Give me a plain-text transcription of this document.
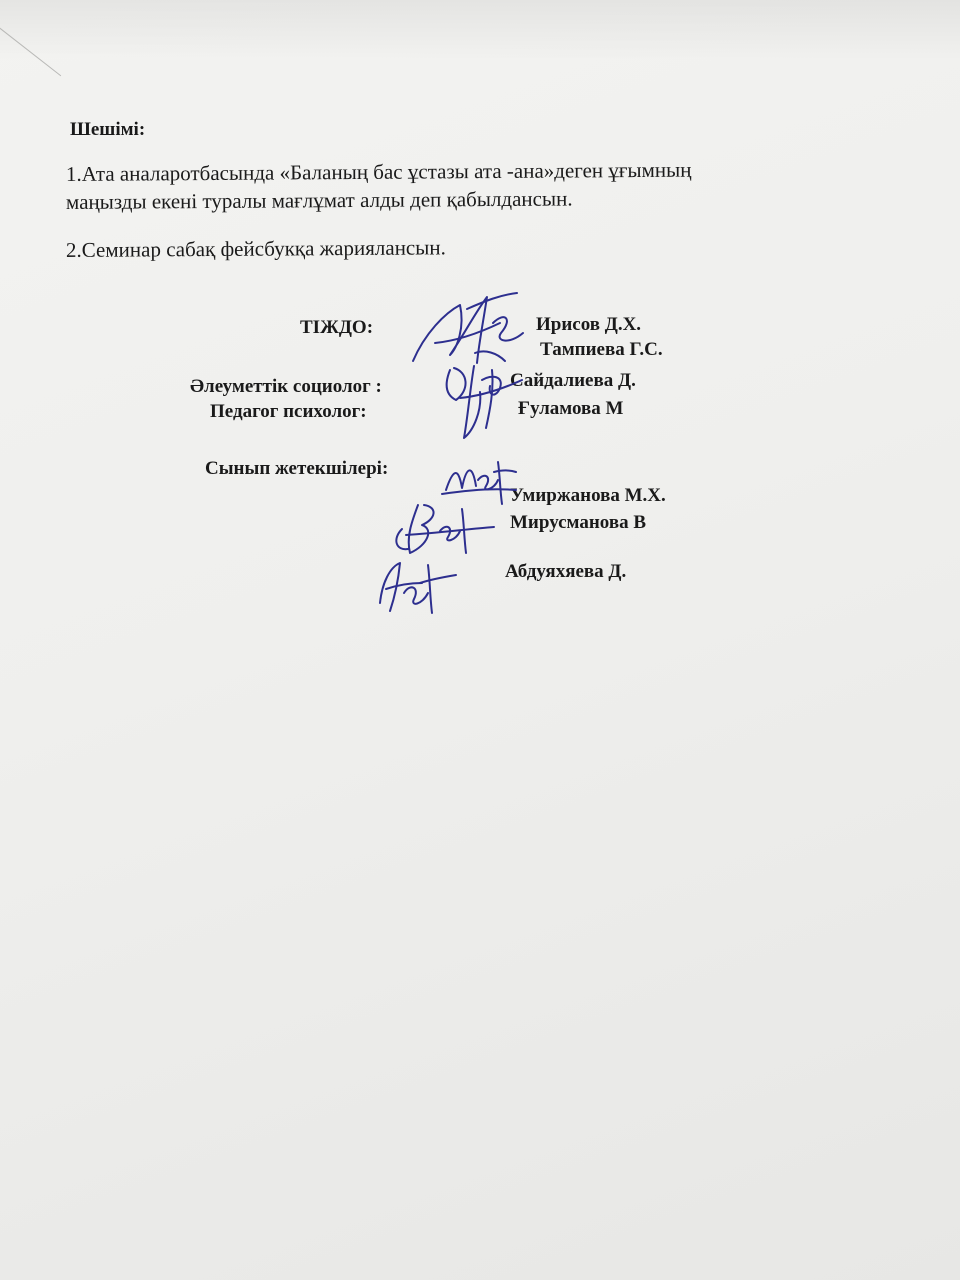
Шешімі:
1.Ата аналаротбасында «Баланың бас ұстазы ата -ана»деген ұғымның
маңызды екені туралы мағлұмат алды деп қабылдансын.
2.Семинар сабақ фейсбукқа жариялансын.
ТІЖДО:
Әлеуметтік социолог :
Педагог психолог:
Сынып жетекшілері:
Ирисов Д.Х.
Тампиева Г.С.
Сайдалиева Д.
Ғуламова М
Умиржанова М.Х.
Мирусманова В
Абдуяхяева Д.
